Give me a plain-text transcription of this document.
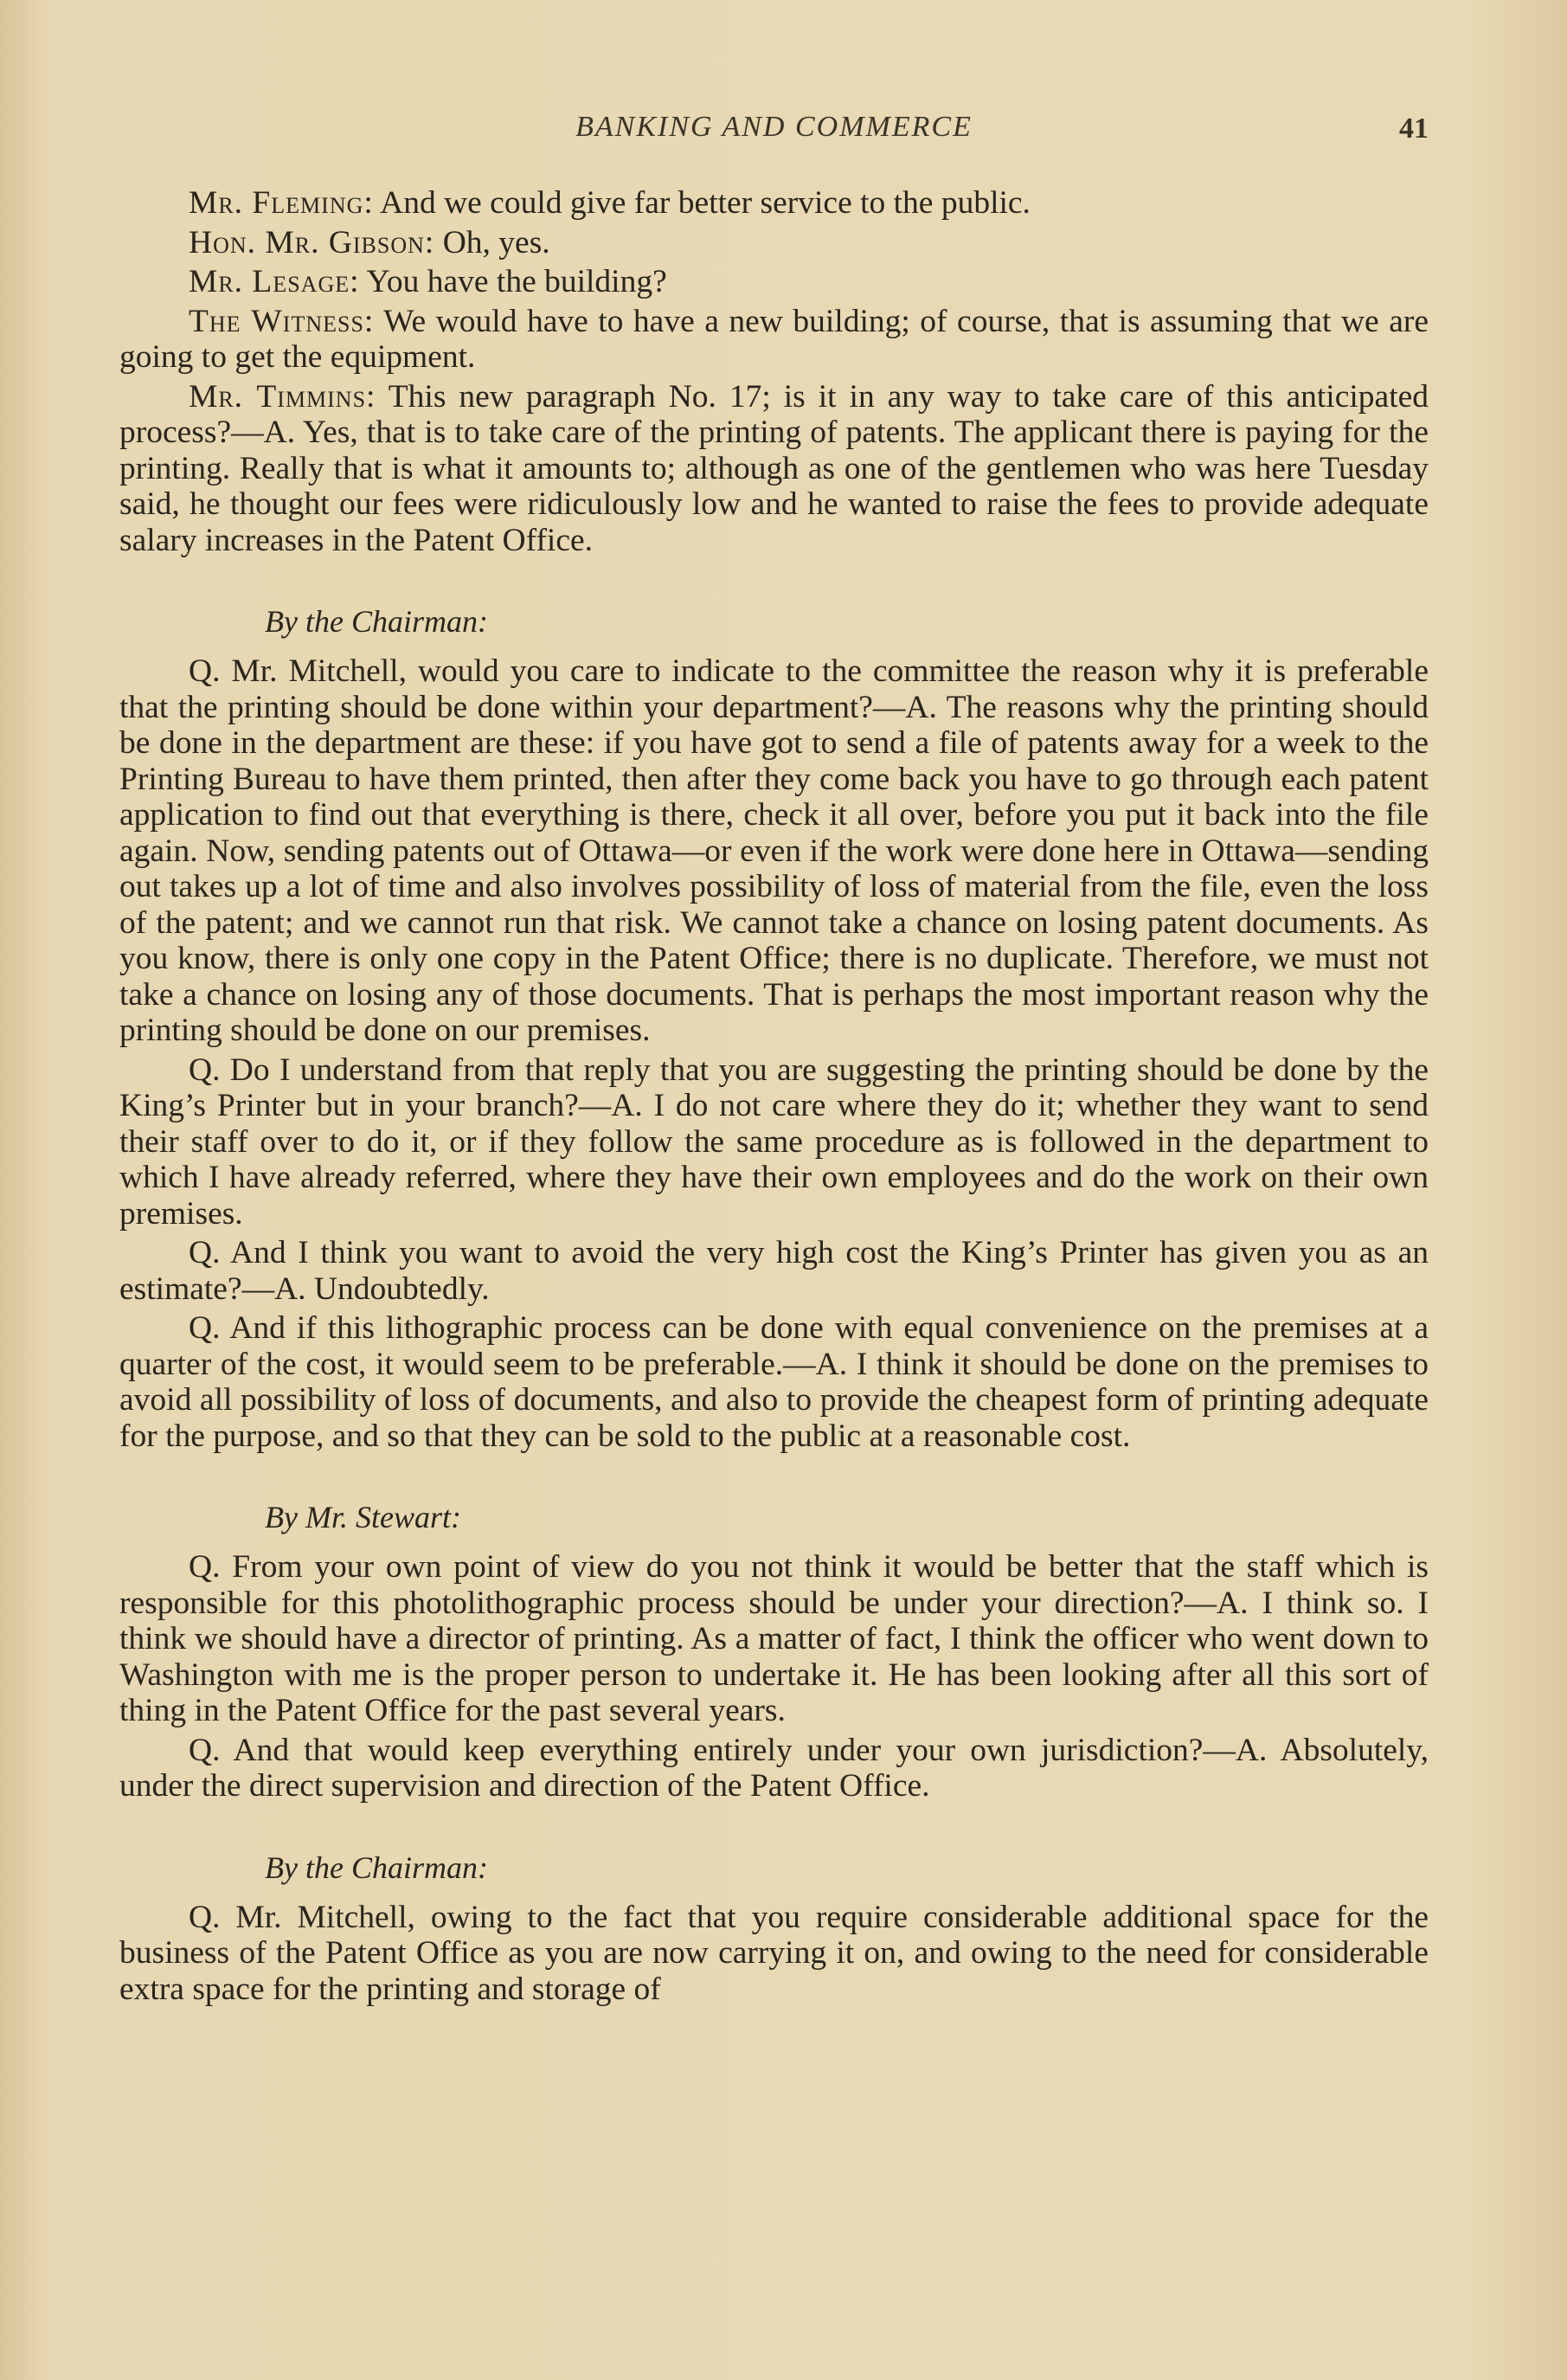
BANKING AND COMMERCE	41

Mr. Fleming: And we could give far better service to the public.

Hon. Mr. Gibson: Oh, yes.

Mr. Lesage: You have the building?

The Witness: We would have to have a new building; of course, that is assuming that we are going to get the equipment.

Mr. Timmins: This new paragraph No. 17; is it in any way to take care of this anticipated process?—A. Yes, that is to take care of the printing of patents. The applicant there is paying for the printing. Really that is what it amounts to; although as one of the gentlemen who was here Tuesday said, he thought our fees were ridiculously low and he wanted to raise the fees to provide adequate salary increases in the Patent Office.

By the Chairman:

Q. Mr. Mitchell, would you care to indicate to the committee the reason why it is preferable that the printing should be done within your department?—A. The reasons why the printing should be done in the department are these: if you have got to send a file of patents away for a week to the Printing Bureau to have them printed, then after they come back you have to go through each patent application to find out that everything is there, check it all over, before you put it back into the file again. Now, sending patents out of Ottawa—or even if the work were done here in Ottawa—sending out takes up a lot of time and also involves possibility of loss of material from the file, even the loss of the patent; and we cannot run that risk. We cannot take a chance on losing patent documents. As you know, there is only one copy in the Patent Office; there is no duplicate. Therefore, we must not take a chance on losing any of those documents. That is perhaps the most important reason why the printing should be done on our premises.

Q. Do I understand from that reply that you are suggesting the printing should be done by the King’s Printer but in your branch?—A. I do not care where they do it; whether they want to send their staff over to do it, or if they follow the same procedure as is followed in the department to which I have already referred, where they have their own employees and do the work on their own premises.

Q. And I think you want to avoid the very high cost the King’s Printer has given you as an estimate?—A. Undoubtedly.

Q. And if this lithographic process can be done with equal convenience on the premises at a quarter of the cost, it would seem to be preferable.—A. I think it should be done on the premises to avoid all possibility of loss of documents, and also to provide the cheapest form of printing adequate for the purpose, and so that they can be sold to the public at a reasonable cost.

By Mr. Stewart:

Q. From your own point of view do you not think it would be better that the staff which is responsible for this photolithographic process should be under your direction?—A. I think so. I think we should have a director of printing. As a matter of fact, I think the officer who went down to Washington with me is the proper person to undertake it. He has been looking after all this sort of thing in the Patent Office for the past several years.

Q. And that would keep everything entirely under your own jurisdiction?—A. Absolutely, under the direct supervision and direction of the Patent Office.

By the Chairman:

Q. Mr. Mitchell, owing to the fact that you require considerable additional space for the business of the Patent Office as you are now carrying it on, and owing to the need for considerable extra space for the printing and storage of
